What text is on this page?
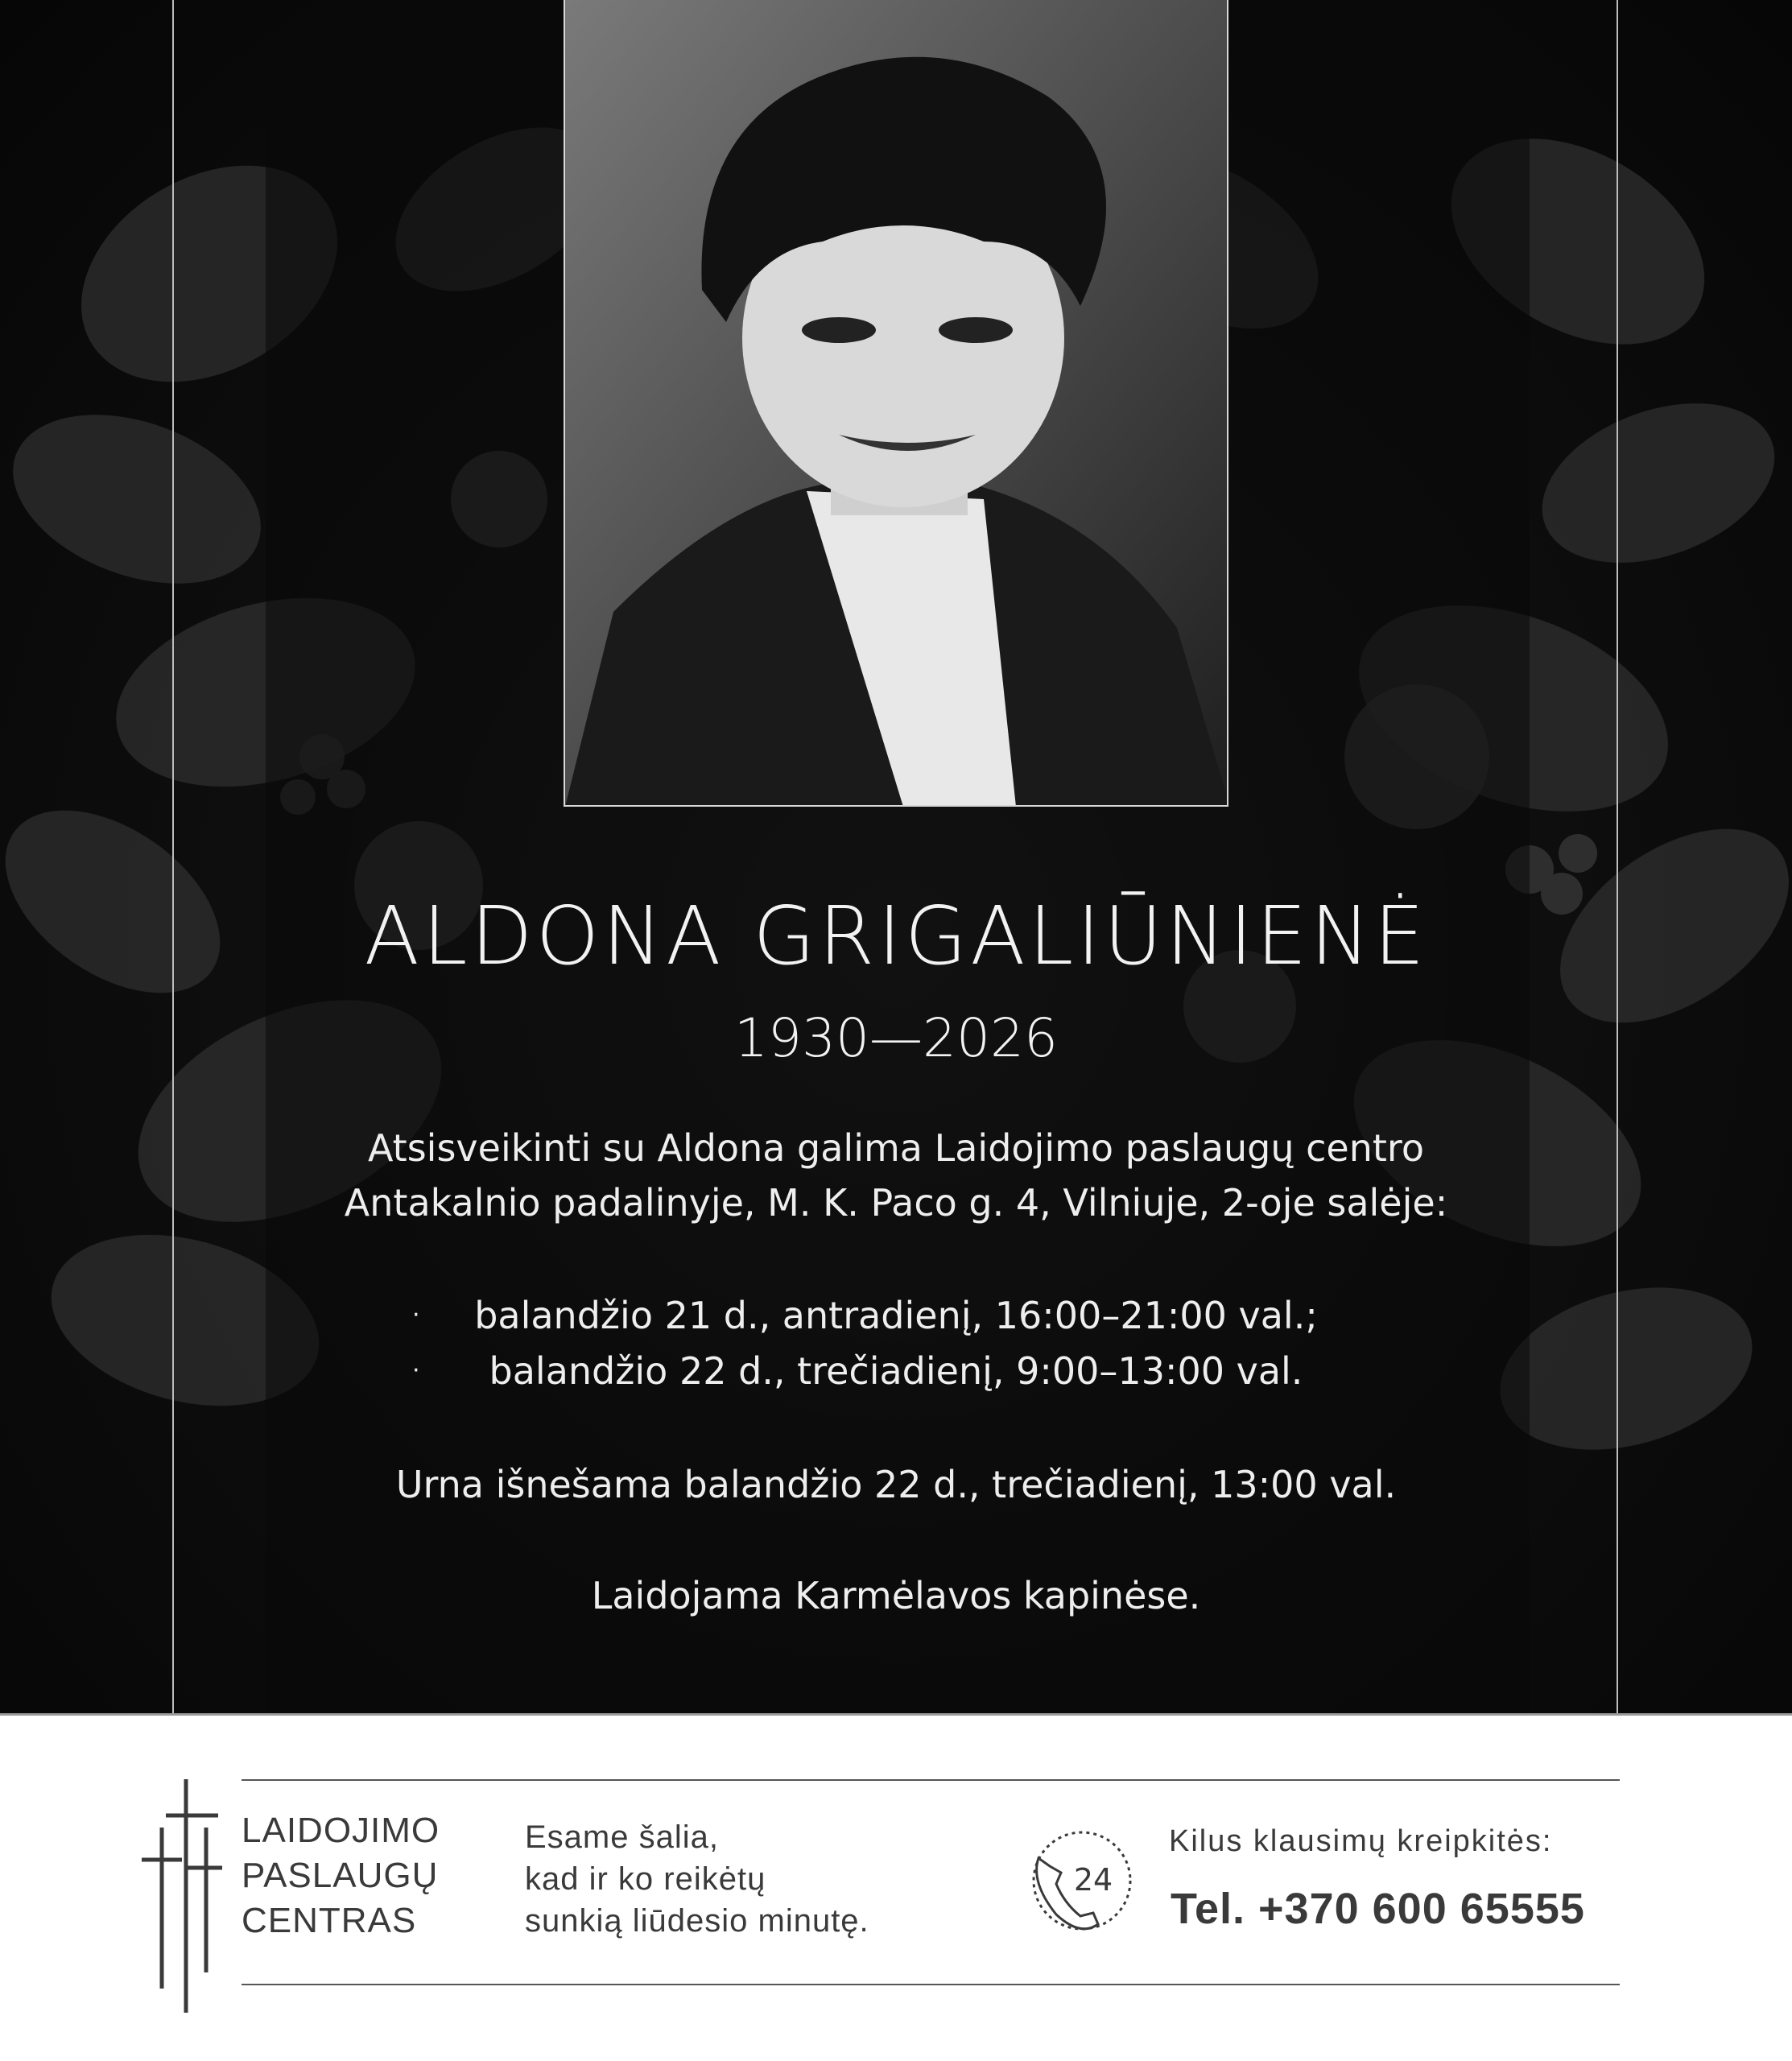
ALDONA GRIGALIŪNIENĖ
1930—2026
Atsisveikinti su Aldona galima Laidojimo paslaugų centro
Antakalnio padalinyje, M. K. Paco g. 4, Vilniuje, 2-oje salėje:
·	balandžio 21 d., antradienį, 16:00–21:00 val.;
·	balandžio 22 d., trečiadienį, 9:00–13:00 val.
Urna išnešama balandžio 22 d., trečiadienį, 13:00 val.
Laidojama Karmėlavos kapinėse.
LAIDOJIMO
PASLAUGŲ
CENTRAS
Esame šalia,
kad ir ko reikėtų
sunkią liūdesio minutę.
24
Kilus klausimų kreipkitės:
Tel. +370 600 65555
